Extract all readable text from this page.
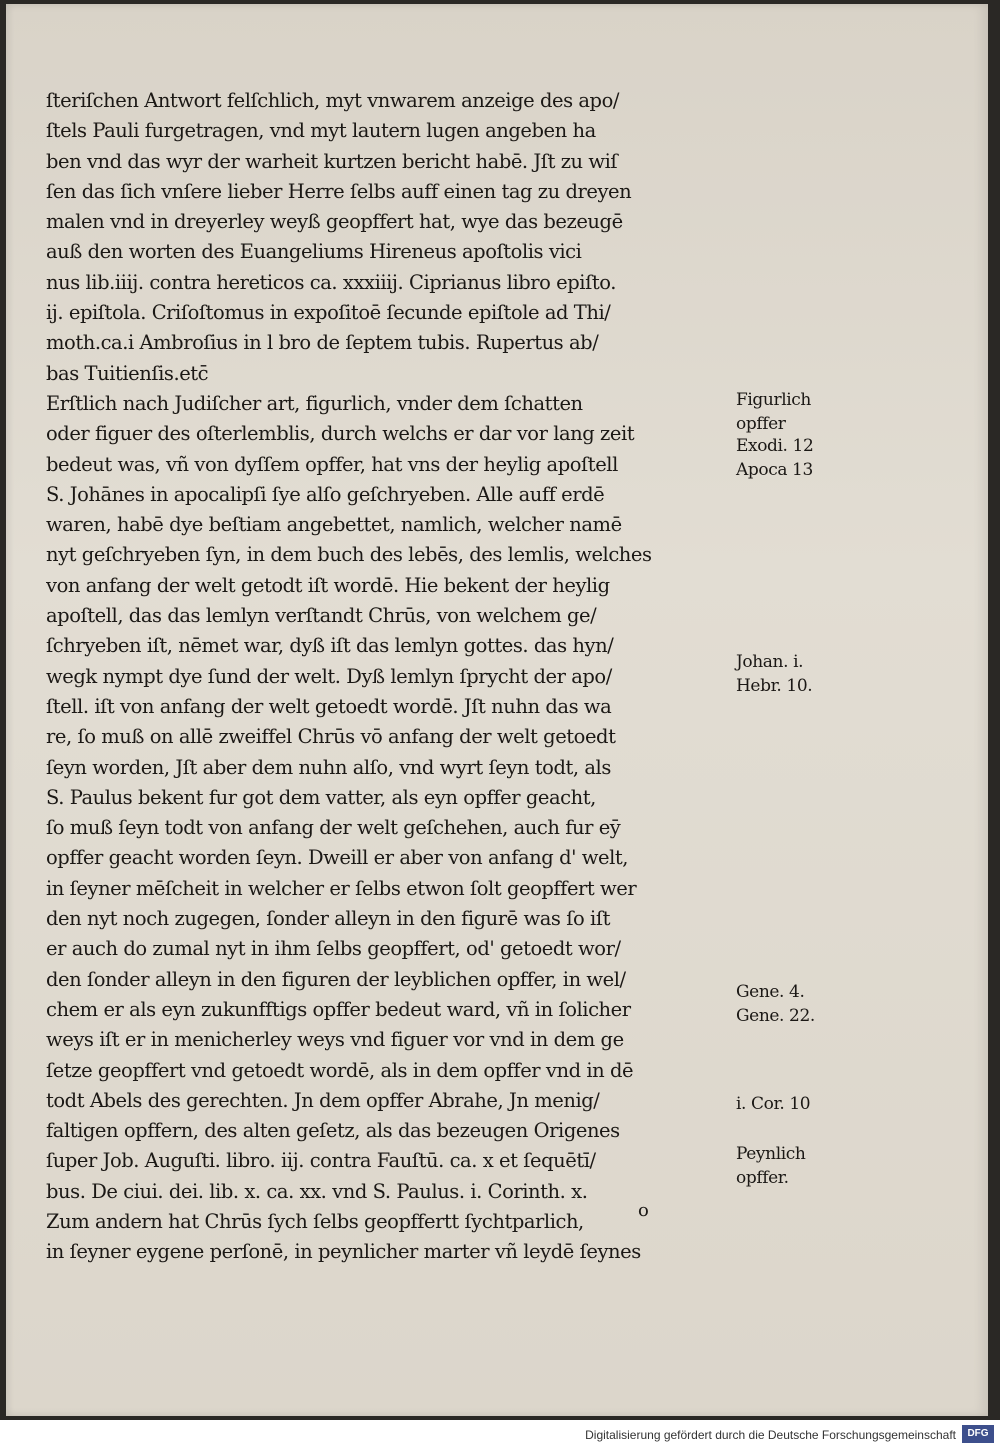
ſteriſchen Antwort felſchlich, myt vnwarem anzeige des apo/
ſtels Pauli furgetragen, vnd myt lautern lugen angeben ha
ben vnd das wyr der warheit kurtzen bericht habē. Jſt zu wiſ
ſen das ſich vnſere lieber Herre ſelbs auff einen tag zu dreyen
malen vnd in dreyerley weyß geopffert hat, wye das bezeugē
auß den worten des Euangeliums Hireneus apoſtolis vici
nus lib.iiij. contra hereticos ca. xxxiiij. Ciprianus libro epiſto.
ij. epiſtola. Criſoſtomus in expoſitoē ſecunde epiſtole ad Thi/
moth.ca.i Ambroſius in l bro de ſeptem tubis. Rupertus ab/
bas Tuitienſis.etc̄
Erſtlich nach Judiſcher art, figurlich, vnder dem ſchatten
oder figuer des oſterlemblis, durch welchs er dar vor lang zeit
bedeut was, vñ von dyſſem opffer, hat vns der heylig apoſtell
S. Johānes in apocalipſi ſye alſo geſchryeben. Alle auff erdē
waren, habē dye beſtiam angebettet, namlich, welcher namē
nyt geſchryeben ſyn, in dem buch des lebēs, des lemlis, welches
von anfang der welt getodt iſt wordē. Hie bekent der heylig
apoſtell, das das lemlyn verſtandt Chrūs, von welchem ge/
ſchryeben iſt, nēmet war, dyß iſt das lemlyn gottes. das hyn/
wegk nympt dye ſund der welt. Dyß lemlyn ſprycht der apo/
ſtell. iſt von anfang der welt getoedt wordē. Jſt nuhn das wa
re, ſo muß on allē zweiffel Chrūs vō anfang der welt getoedt
ſeyn worden, Jſt aber dem nuhn alſo, vnd wyrt ſeyn todt, als
S. Paulus bekent fur got dem vatter, als eyn opffer geacht,
ſo muß ſeyn todt von anfang der welt geſchehen, auch fur eȳ
opffer geacht worden ſeyn. Dweill er aber von anfang d' welt,
in ſeyner mēſcheit in welcher er ſelbs etwon ſolt geopffert wer
den nyt noch zugegen, ſonder alleyn in den figurē was ſo iſt
er auch do zumal nyt in ihm ſelbs geopffert, od' getoedt wor/
den ſonder alleyn in den figuren der leyblichen opffer, in wel/
chem er als eyn zukunfftigs opffer bedeut ward, vñ in ſolicher
weys iſt er in menicherley weys vnd figuer vor vnd in dem ge
ſetze geopffert vnd getoedt wordē, als in dem opffer vnd in dē
todt Abels des gerechten. Jn dem opffer Abrahe, Jn menig/
faltigen opffern, des alten geſetz, als das bezeugen Origenes
ſuper Job. Auguſti. libro. iij. contra Fauſtū. ca. x et ſequētī/
bus. De ciui. dei. lib. x. ca. xx. vnd S. Paulus. i. Corinth. x.
Zum andern hat Chrūs ſych ſelbs geopffertt ſychtparlich,
in ſeyner eygene perſonē, in peynlicher marter vñ leydē ſeynes
Figurlich
opffer
Exodi. 12
Apoca 13
Johan. i.
Hebr. 10.
Gene. 4.
Gene. 22.
i. Cor. 10
Peynlich
opffer.
o
Digitalisierung gefördert durch die Deutsche Forschungsgemeinschaft	DFG
